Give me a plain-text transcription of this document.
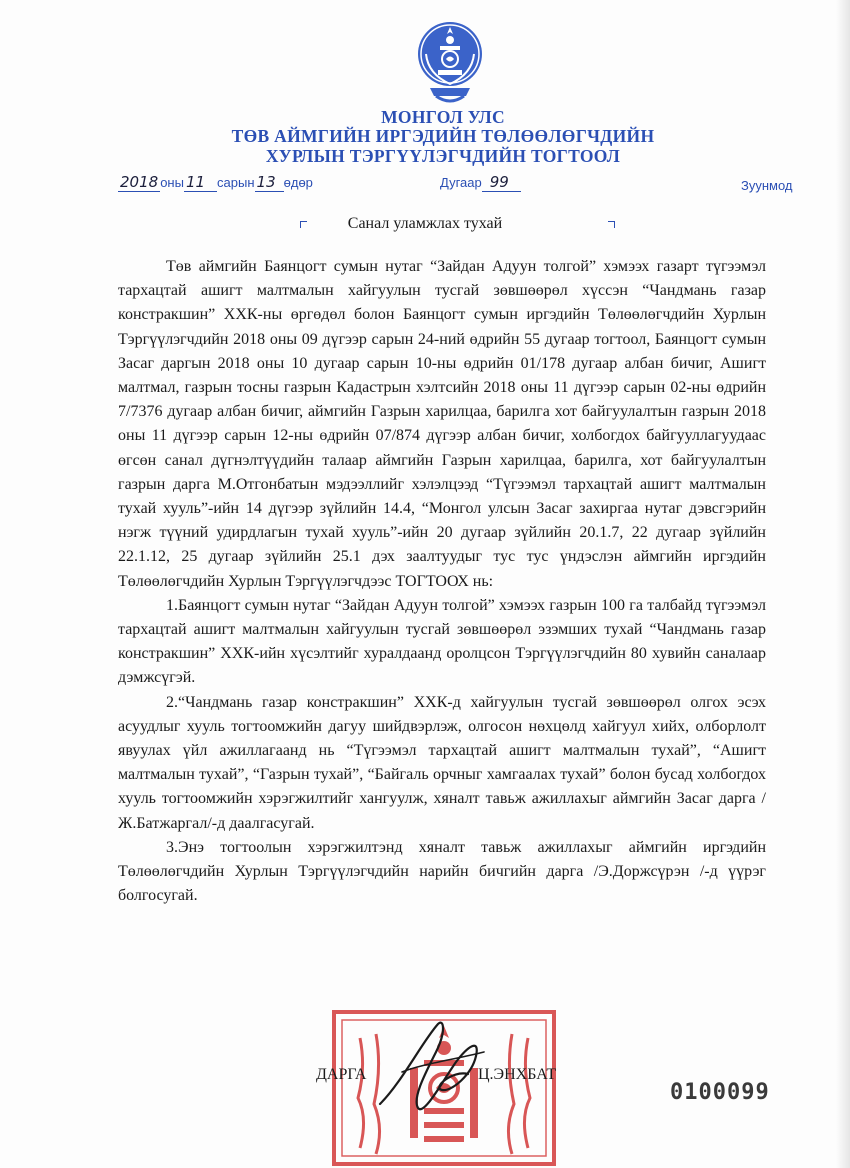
МОНГОЛ УЛС
ТӨВ АЙМГИЙН ИРГЭДИЙН ТӨЛӨӨЛӨГЧДИЙН
ХУРЛЫН ТЭРГҮҮЛЭГЧДИЙН ТОГТООЛ
2018 оны 11 сарын 13 өдөр	Дугаар 99	Зуунмод
Санал уламжлах тухай

Төв аймгийн Баянцогт сумын нутаг “Зайдан Адуун толгой” хэмээх газарт түгээмэл тархацтай ашигт малтмалын хайгуулын тусгай зөвшөөрөл хүссэн “Чандмань газар констракшин” ХХК-ны өргөдөл болон Баянцогт сумын иргэдийн Төлөөлөгчдийн Хурлын Тэргүүлэгчдийн 2018 оны 09 дүгээр сарын 24-ний өдрийн 55 дугаар тогтоол, Баянцогт сумын Засаг даргын 2018 оны 10 дугаар сарын 10-ны өдрийн 01/178 дугаар албан бичиг, Ашигт малтмал, газрын тосны газрын Кадастрын хэлтсийн 2018 оны 11 дүгээр сарын 02-ны өдрийн 7/7376 дугаар албан бичиг, аймгийн Газрын харилцаа, барилга хот байгуулалтын газрын 2018 оны 11 дүгээр сарын 12-ны өдрийн 07/874 дүгээр албан бичиг, холбогдох байгууллагуудаас өгсөн санал дүгнэлтүүдийн талаар аймгийн Газрын харилцаа, барилга, хот байгуулалтын газрын дарга М.Отгонбатын мэдээллийг хэлэлцээд “Түгээмэл тархацтай ашигт малтмалын тухай хууль”-ийн 14 дүгээр зүйлийн 14.4, “Монгол улсын Засаг захиргаа нутаг дэвсгэрийн нэгж түүний удирдлагын тухай хууль”-ийн 20 дугаар зүйлийн 20.1.7, 22 дугаар зүйлийн 22.1.12, 25 дугаар зүйлийн 25.1 дэх заалтуудыг тус тус үндэслэн аймгийн иргэдийн Төлөөлөгчдийн Хурлын Тэргүүлэгчдээс ТОГТООХ нь:

1.Баянцогт сумын нутаг “Зайдан Адуун толгой” хэмээх газрын 100 га талбайд түгээмэл тархацтай ашигт малтмалын хайгуулын тусгай зөвшөөрөл эзэмших тухай “Чандмань газар констракшин” ХХК-ийн хүсэлтийг хуралдаанд оролцсон Тэргүүлэгчдийн 80 хувийн саналаар дэмжсүгэй.

2.“Чандмань газар констракшин” ХХК-д хайгуулын тусгай зөвшөөрөл олгох эсэх асуудлыг хууль тогтоомжийн дагуу шийдвэрлэж, олгосон нөхцөлд хайгуул хийх, олборлолт явуулах үйл ажиллагаанд нь “Түгээмэл тархацтай ашигт малтмалын тухай”, “Ашигт малтмалын тухай”, “Газрын тухай”, “Байгаль орчныг хамгаалах тухай” болон бусад холбогдох хууль тогтоомжийн хэрэгжилтийг хангуулж, хяналт тавьж ажиллахыг аймгийн Засаг дарга /Ж.Батжаргал/-д даалгасугай.

3.Энэ тогтоолын хэрэгжилтэнд хяналт тавьж ажиллахыг аймгийн иргэдийн Төлөөлөгчдийн Хурлын Тэргүүлэгчдийн нарийн бичгийн дарга /Э.Доржсүрэн /-д үүрэг болгосугай.

ДАРГА	Ц.ЭНХБАТ
0100099
